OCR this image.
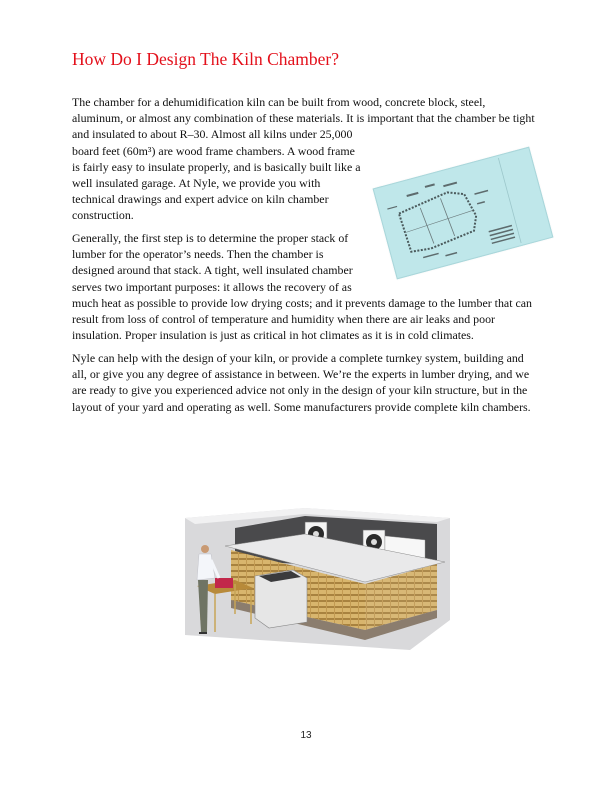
How Do I Design The Kiln Chamber?

The chamber for a dehumidification kiln can be built from wood, concrete block, steel,
aluminum, or almost any combination of these materials. It is important that the chamber be tight
and insulated to about R–30. Almost all kilns under 25,000
board feet (60m³) are wood frame chambers. A wood frame
is fairly easy to insulate properly, and is basically built like a
well insulated garage. At Nyle, we provide you with
technical drawings and expert advice on kiln chamber
construction.

Generally, the first step is to determine the proper stack of
lumber for the operator’s needs. Then the chamber is
designed around that stack. A tight, well insulated chamber
serves two important purposes: it allows the recovery of as
much heat as possible to provide low drying costs; and it prevents damage to the lumber that can
result from loss of control of temperature and humidity when there are air leaks and poor
insulation. Proper insulation is just as critical in hot climates as it is in cold climates.

Nyle can help with the design of your kiln, or provide a complete turnkey system, building and
all, or give you any degree of assistance in between. We’re the experts in lumber drying, and we
are ready to give you experienced advice not only in the design of your kiln structure, but in the
layout of your yard and operating as well. Some manufacturers provide complete kiln chambers.

13
